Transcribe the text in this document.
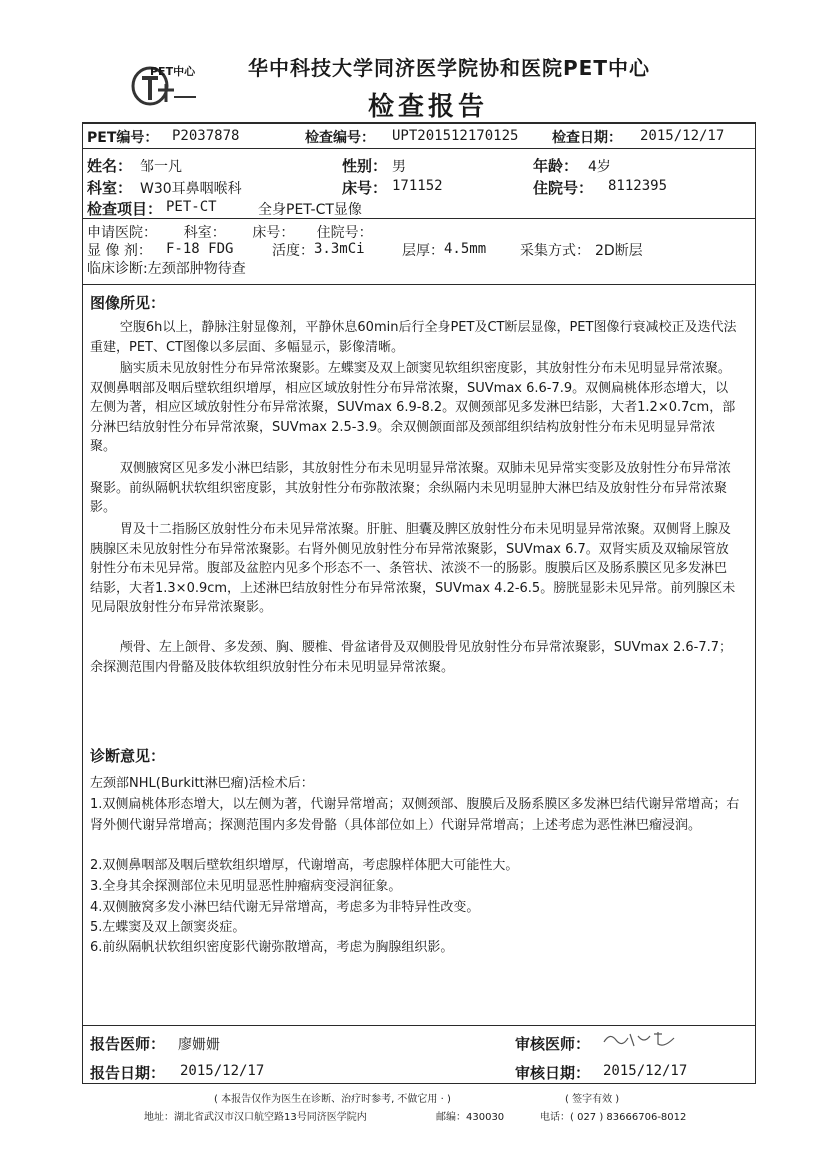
PET中心	华中科技大学同济医学院协和医院PET中心
检查报告
PET编号： P2037878	检查编号： UPT201512170125 检查日期： 2015/12/17
姓名： 邹一凡	性别： 男	年龄： 4岁
科室： W30耳鼻咽喉科	床号： 171152	住院号： 8112395
检查项目： PET-CT	全身PET-CT显像
申请医院：      科室：      床号：     住院号：
显 像 剂： F-18 FDG	活度： 3.3mCi	层厚： 4.5mm 采集方式： 2D断层
临床诊断:左颈部肿物待查
图像所见：
空腹6h以上，静脉注射显像剂，平静休息60min后行全身PET及CT断层显像，PET图像行衰减校正及迭代法重建，PET、CT图像以多层面、多幅显示，影像清晰。
脑实质未见放射性分布异常浓聚影。左蝶窦及双上颌窦见软组织密度影，其放射性分布未见明显异常浓聚。双侧鼻咽部及咽后壁软组织增厚，相应区域放射性分布异常浓聚，SUVmax 6.6-7.9。双侧扁桃体形态增大，以左侧为著，相应区域放射性分布异常浓聚，SUVmax 6.9-8.2。双侧颈部见多发淋巴结影，大者1.2×0.7cm，部分淋巴结放射性分布异常浓聚，SUVmax 2.5-3.9。余双侧颌面部及颈部组织结构放射性分布未见明显异常浓聚。
双侧腋窝区见多发小淋巴结影，其放射性分布未见明显异常浓聚。双肺未见异常实变影及放射性分布异常浓聚影。前纵隔帆状软组织密度影，其放射性分布弥散浓聚；余纵隔内未见明显肿大淋巴结及放射性分布异常浓聚影。
胃及十二指肠区放射性分布未见异常浓聚。肝脏、胆囊及脾区放射性分布未见明显异常浓聚。双侧肾上腺及胰腺区未见放射性分布异常浓聚影。右肾外侧见放射性分布异常浓聚影，SUVmax 6.7。双肾实质及双输尿管放射性分布未见异常。腹部及盆腔内见多个形态不一、条管状、浓淡不一的肠影。腹膜后区及肠系膜区见多发淋巴结影，大者1.3×0.9cm，上述淋巴结放射性分布异常浓聚，SUVmax 4.2-6.5。膀胱显影未见异常。前列腺区未见局限放射性分布异常浓聚影。
颅骨、左上颌骨、多发颈、胸、腰椎、骨盆诸骨及双侧股骨见放射性分布异常浓聚影，SUVmax 2.6-7.7；余探测范围内骨骼及肢体软组织放射性分布未见明显异常浓聚。
诊断意见：
左颈部NHL(Burkitt淋巴瘤)活检术后：
1.双侧扁桃体形态增大，以左侧为著，代谢异常增高；双侧颈部、腹膜后及肠系膜区多发淋巴结代谢异常增高；右肾外侧代谢异常增高；探测范围内多发骨骼（具体部位如上）代谢异常增高；上述考虑为恶性淋巴瘤浸润。
2.双侧鼻咽部及咽后壁软组织增厚，代谢增高，考虑腺样体肥大可能性大。
3.全身其余探测部位未见明显恶性肿瘤病变浸润征象。
4.双侧腋窝多发小淋巴结代谢无异常增高，考虑多为非特异性改变。
5.左蝶窦及双上颌窦炎症。
6.前纵隔帆状软组织密度影代谢弥散增高，考虑为胸腺组织影。
报告医师： 廖姗姗	审核医师：
报告日期： 2015/12/17	审核日期： 2015/12/17
( 本报告仅作为医生在诊断、治疗时参考, 不做它用 · )	( 签字有效 )
地址：湖北省武汉市汉口航空路13号同济医学院内	邮编：430030	电话：( 027 ) 83666706-8012
